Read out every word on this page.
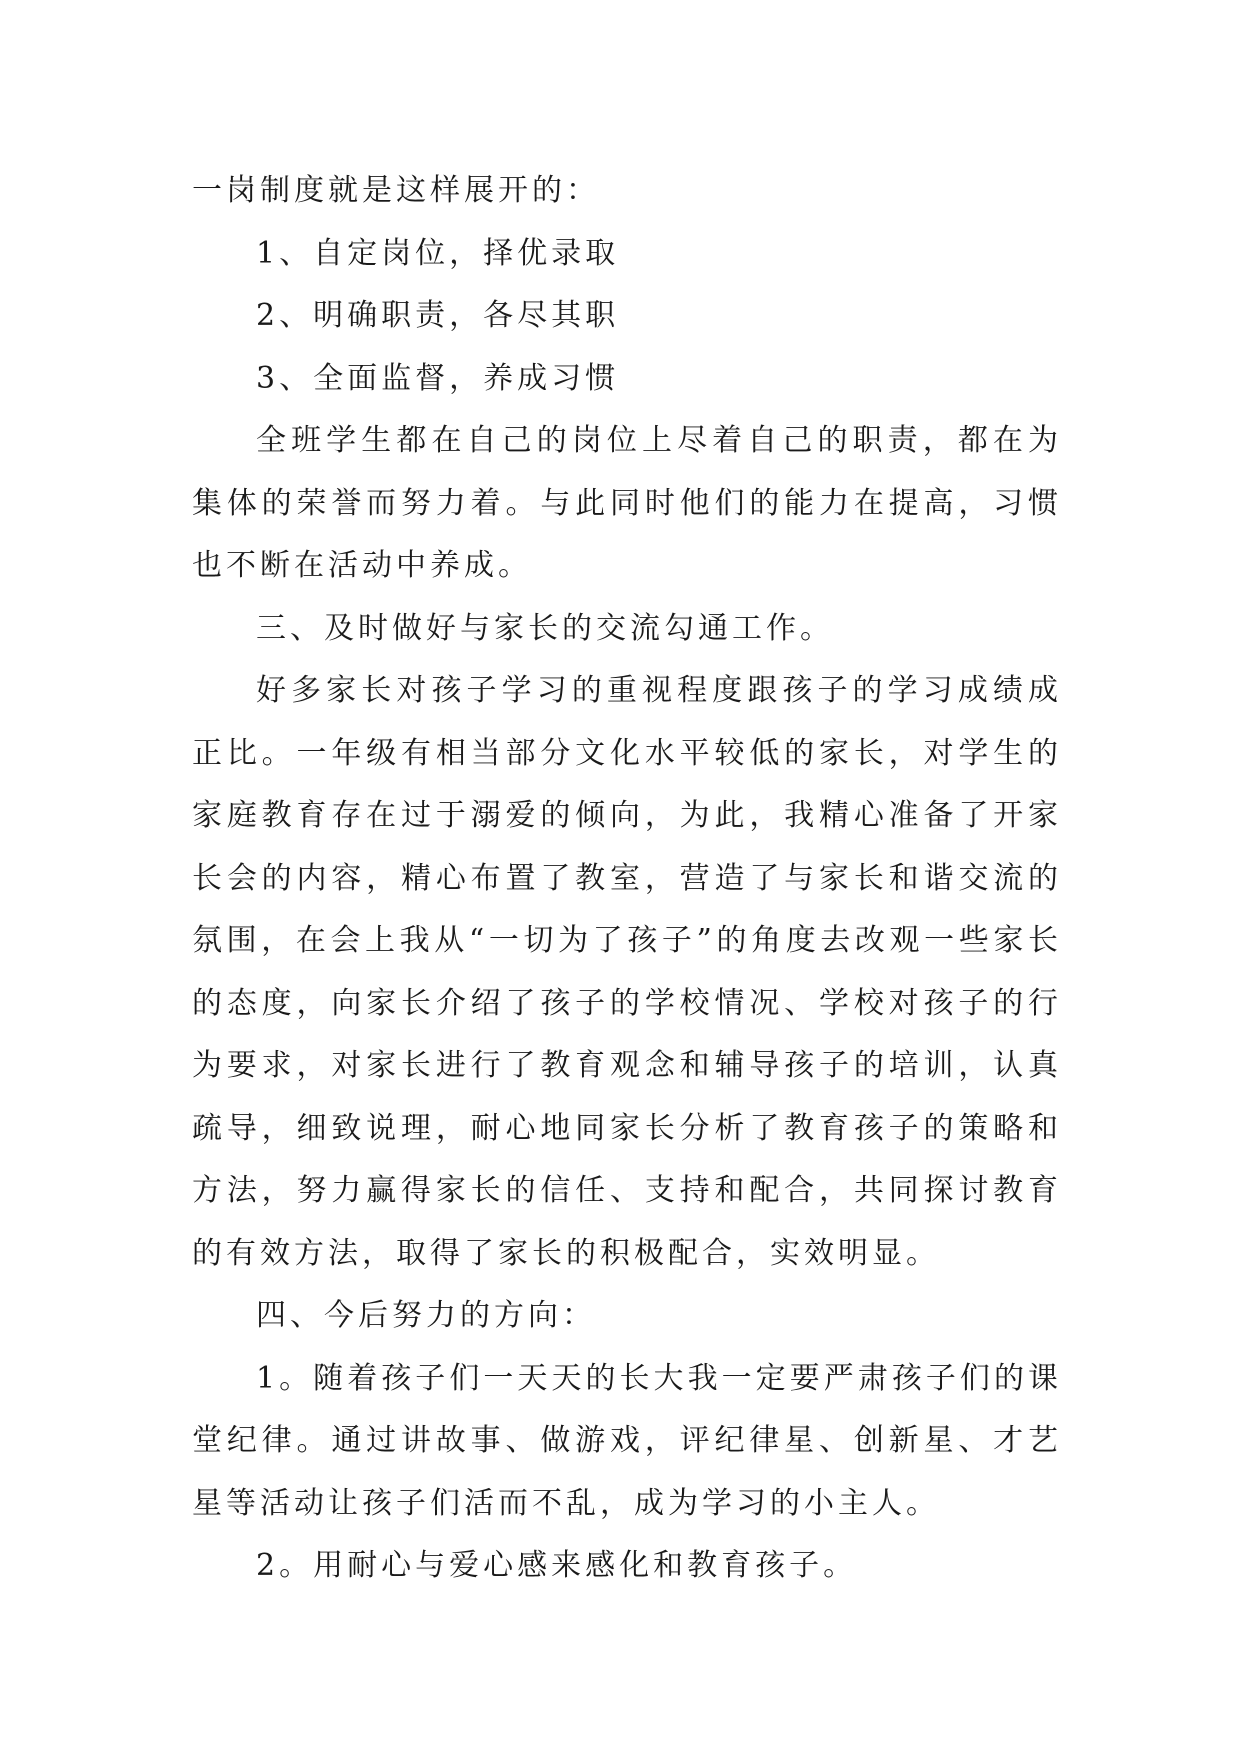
一岗制度就是这样展开的：

1、自定岗位，择优录取

2、明确职责，各尽其职

3、全面监督，养成习惯

全班学生都在自己的岗位上尽着自己的职责，都在为集体的荣誉而努力着。与此同时他们的能力在提高，习惯也不断在活动中养成。

三、及时做好与家长的交流勾通工作。

好多家长对孩子学习的重视程度跟孩子的学习成绩成正比。一年级有相当部分文化水平较低的家长，对学生的家庭教育存在过于溺爱的倾向，为此，我精心准备了开家长会的内容，精心布置了教室，营造了与家长和谐交流的氛围，在会上我从“一切为了孩子”的角度去改观一些家长的态度，向家长介绍了孩子的学校情况、学校对孩子的行为要求，对家长进行了教育观念和辅导孩子的培训，认真疏导，细致说理，耐心地同家长分析了教育孩子的策略和方法，努力赢得家长的信任、支持和配合，共同探讨教育的有效方法，取得了家长的积极配合，实效明显。

四、今后努力的方向：

1。随着孩子们一天天的长大我一定要严肃孩子们的课堂纪律。通过讲故事、做游戏，评纪律星、创新星、才艺星等活动让孩子们活而不乱，成为学习的小主人。

2。用耐心与爱心感来感化和教育孩子。
